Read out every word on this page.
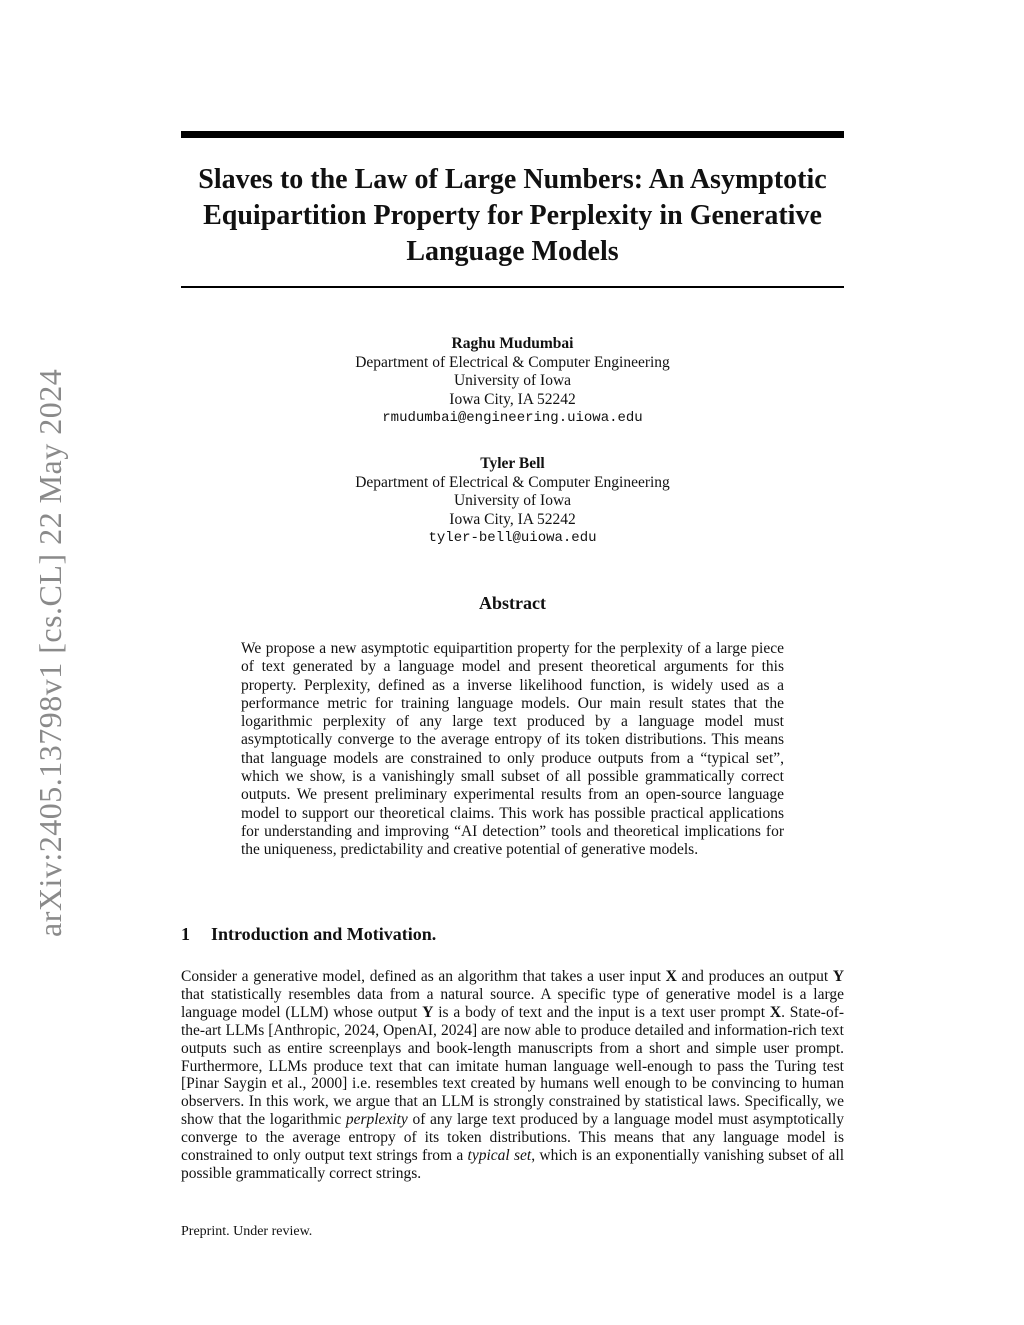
arXiv:2405.13798v1 [cs.CL] 22 May 2024
Slaves to the Law of Large Numbers: An Asymptotic Equipartition Property for Perplexity in Generative Language Models
Raghu Mudumbai
Department of Electrical & Computer Engineering
University of Iowa
Iowa City, IA 52242
rmudumbai@engineering.uiowa.edu
Tyler Bell
Department of Electrical & Computer Engineering
University of Iowa
Iowa City, IA 52242
tyler-bell@uiowa.edu
Abstract

We propose a new asymptotic equipartition property for the perplexity of a large piece of text generated by a language model and present theoretical arguments for this property. Perplexity, defined as a inverse likelihood function, is widely used as a performance metric for training language models. Our main result states that the logarithmic perplexity of any large text produced by a language model must asymptotically converge to the average entropy of its token distributions. This means that language models are constrained to only produce outputs from a “typical set”, which we show, is a vanishingly small subset of all possible grammatically correct outputs. We present preliminary experimental results from an open-source language model to support our theoretical claims. This work has possible practical applications for understanding and improving “AI detection” tools and theoretical implications for the uniqueness, predictability and creative potential of generative models.

1 Introduction and Motivation.

Consider a generative model, defined as an algorithm that takes a user input X and produces an output Y that statistically resembles data from a natural source. A specific type of generative model is a large language model (LLM) whose output Y is a body of text and the input is a text user prompt X. State-of-the-art LLMs [Anthropic, 2024, OpenAI, 2024] are now able to produce detailed and information-rich text outputs such as entire screenplays and book-length manuscripts from a short and simple user prompt. Furthermore, LLMs produce text that can imitate human language well-enough to pass the Turing test [Pinar Saygin et al., 2000] i.e. resembles text created by humans well enough to be convincing to human observers. In this work, we argue that an LLM is strongly constrained by statistical laws. Specifically, we show that the logarithmic perplexity of any large text produced by a language model must asymptotically converge to the average entropy of its token distributions. This means that any language model is constrained to only output text strings from a typical set, which is an exponentially vanishing subset of all possible grammatically correct strings.

Preprint. Under review.
